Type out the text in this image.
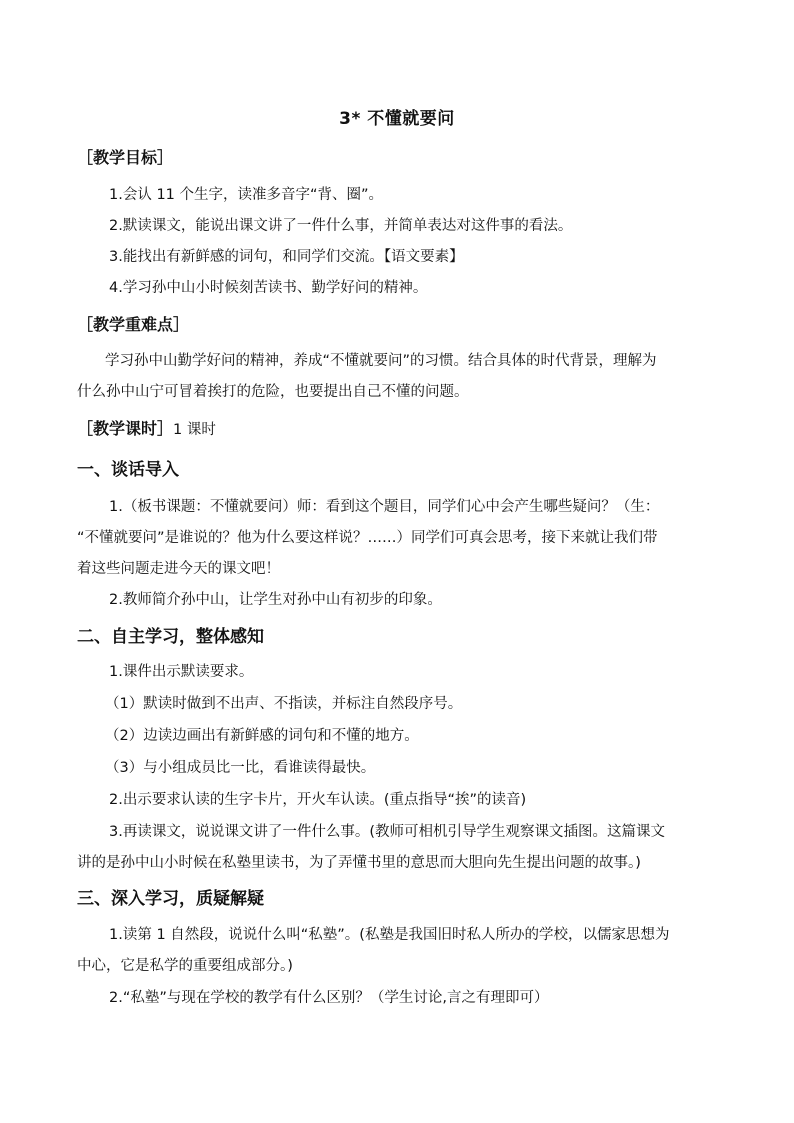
3* 不懂就要问
［教学目标］
1.会认 11 个生字，读准多音字“背、圈”。
2.默读课文，能说出课文讲了一件什么事，并简单表达对这件事的看法。
3.能找出有新鲜感的词句，和同学们交流。【语文要素】
4.学习孙中山小时候刻苦读书、勤学好问的精神。
［教学重难点］
学习孙中山勤学好问的精神，养成“不懂就要问”的习惯。结合具体的时代背景，理解为
什么孙中山宁可冒着挨打的危险，也要提出自己不懂的问题。
［教学课时］1 课时
一、谈话导入
1.（板书课题：不懂就要问）师：看到这个题目，同学们心中会产生哪些疑问？（生：
“不懂就要问”是谁说的？他为什么要这样说？……）同学们可真会思考，接下来就让我们带
着这些问题走进今天的课文吧！
2.教师简介孙中山，让学生对孙中山有初步的印象。
二、自主学习，整体感知
1.课件出示默读要求。
（1）默读时做到不出声、不指读，并标注自然段序号。
（2）边读边画出有新鲜感的词句和不懂的地方。
（3）与小组成员比一比，看谁读得最快。
2.出示要求认读的生字卡片，开火车认读。(重点指导“挨”的读音)
3.再读课文，说说课文讲了一件什么事。(教师可相机引导学生观察课文插图。这篇课文
讲的是孙中山小时候在私塾里读书，为了弄懂书里的意思而大胆向先生提出问题的故事。)
三、深入学习，质疑解疑
1.读第 1 自然段，说说什么叫“私塾”。(私塾是我国旧时私人所办的学校，以儒家思想为
中心，它是私学的重要组成部分。)
2.“私塾”与现在学校的教学有什么区别？（学生讨论,言之有理即可）
